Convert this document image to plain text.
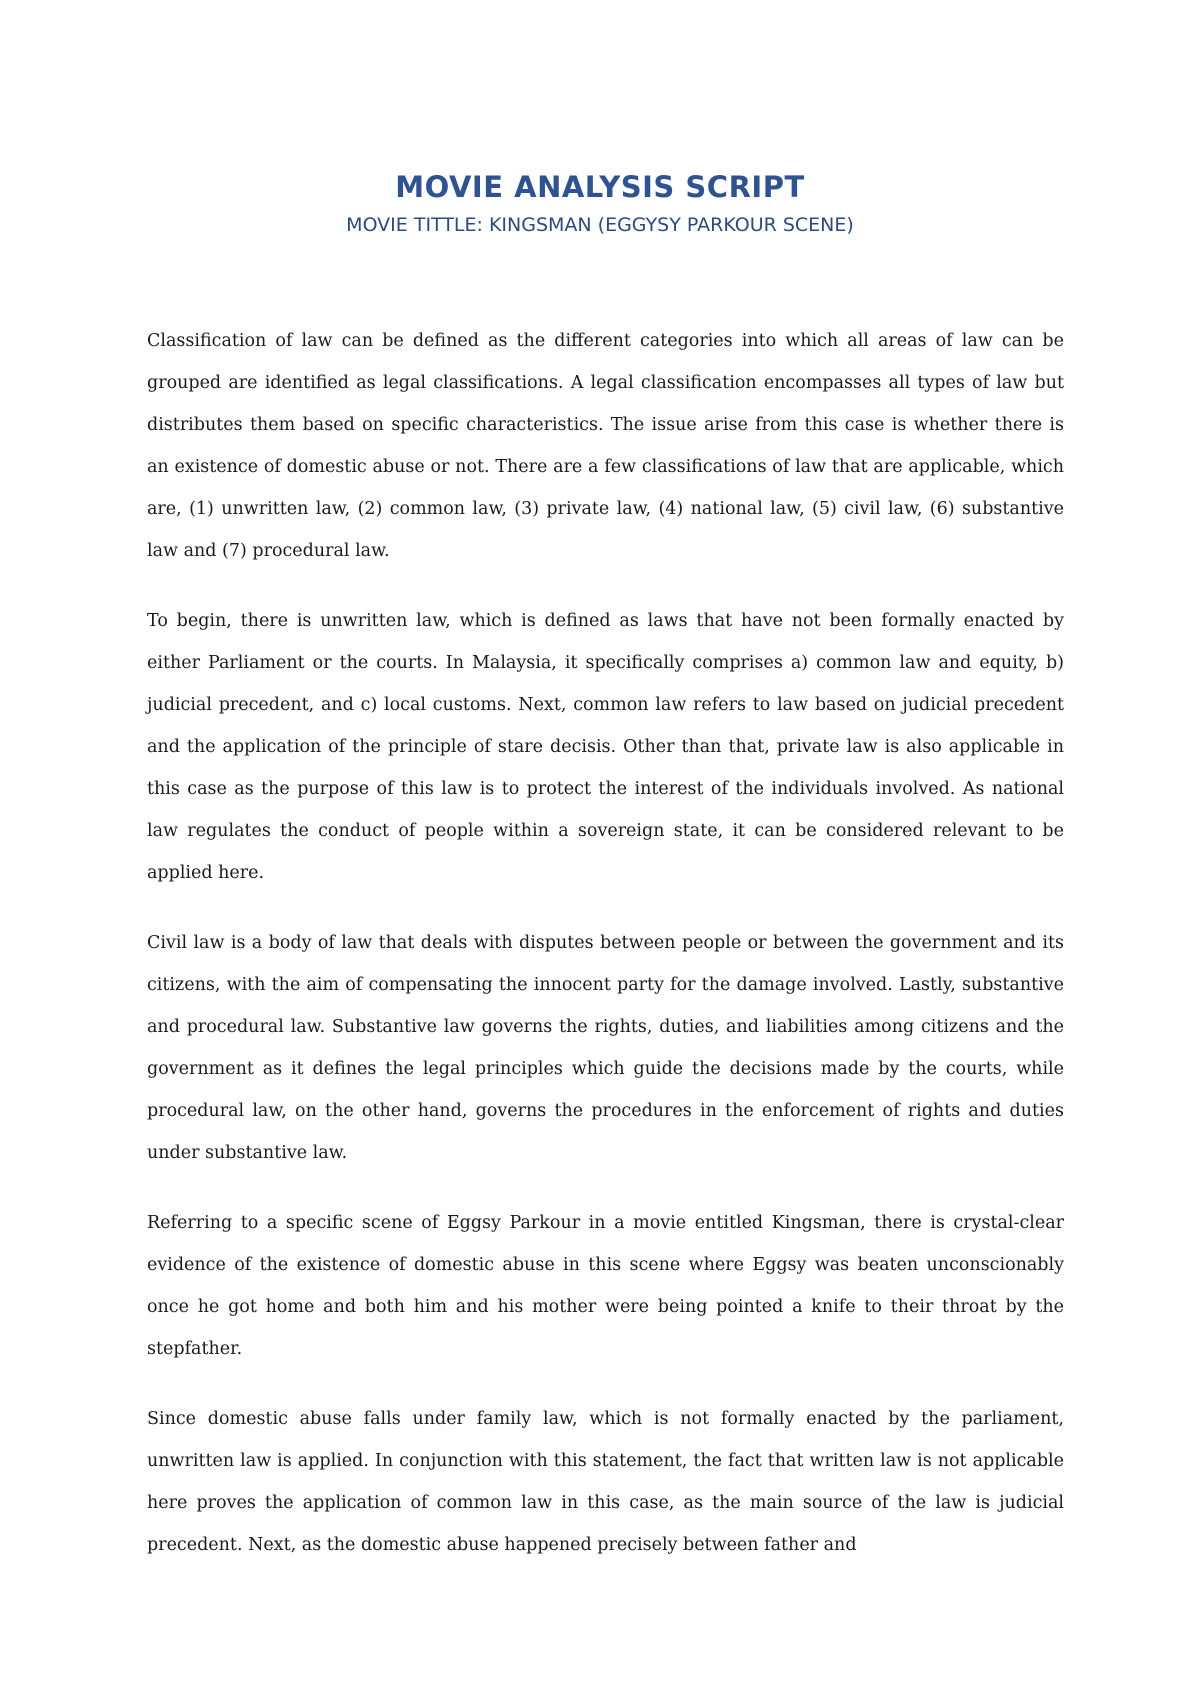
MOVIE ANALYSIS SCRIPT
MOVIE TITTLE: KINGSMAN (EGGYSY PARKOUR SCENE)

Classification of law can be defined as the different categories into which all areas of law can be grouped are identified as legal classifications. A legal classification encompasses all types of law but distributes them based on specific characteristics. The issue arise from this case is whether there is an existence of domestic abuse or not. There are a few classifications of law that are applicable, which are, (1) unwritten law, (2) common law, (3) private law, (4) national law, (5) civil law, (6) substantive law and (7) procedural law.

To begin, there is unwritten law, which is defined as laws that have not been formally enacted by either Parliament or the courts. In Malaysia, it specifically comprises a) common law and equity, b) judicial precedent, and c) local customs. Next, common law refers to law based on judicial precedent and the application of the principle of stare decisis. Other than that, private law is also applicable in this case as the purpose of this law is to protect the interest of the individuals involved. As national law regulates the conduct of people within a sovereign state, it can be considered relevant to be applied here.

Civil law is a body of law that deals with disputes between people or between the government and its citizens, with the aim of compensating the innocent party for the damage involved. Lastly, substantive and procedural law. Substantive law governs the rights, duties, and liabilities among citizens and the government as it defines the legal principles which guide the decisions made by the courts, while procedural law, on the other hand, governs the procedures in the enforcement of rights and duties under substantive law.

Referring to a specific scene of Eggsy Parkour in a movie entitled Kingsman, there is crystal-clear evidence of the existence of domestic abuse in this scene where Eggsy was beaten unconscionably once he got home and both him and his mother were being pointed a knife to their throat by the stepfather.

Since domestic abuse falls under family law, which is not formally enacted by the parliament, unwritten law is applied. In conjunction with this statement, the fact that written law is not applicable here proves the application of common law in this case, as the main source of the law is judicial precedent. Next, as the domestic abuse happened precisely between father and
